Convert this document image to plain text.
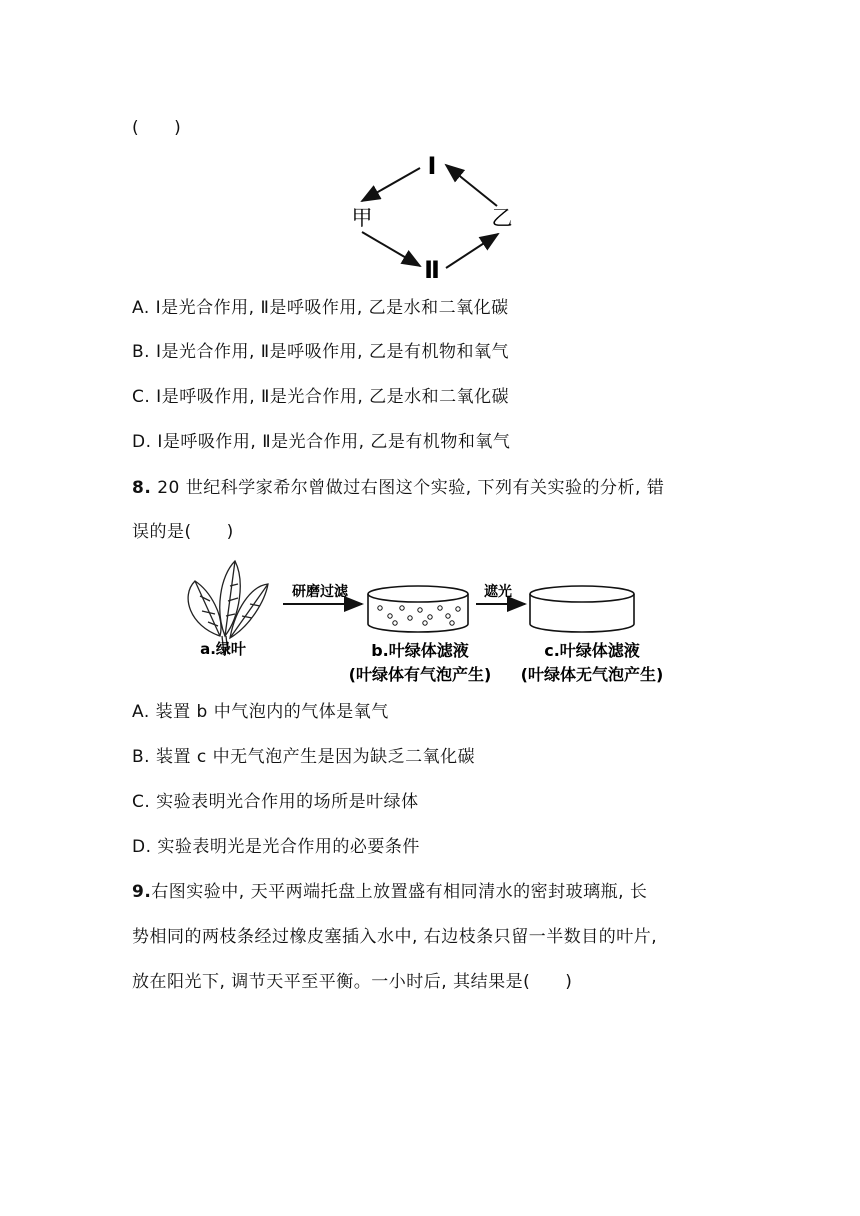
(　　)
Ⅰ
甲	乙
Ⅱ
A. Ⅰ是光合作用, Ⅱ是呼吸作用, 乙是水和二氧化碳
B. Ⅰ是光合作用, Ⅱ是呼吸作用, 乙是有机物和氧气
C. Ⅰ是呼吸作用, Ⅱ是光合作用, 乙是水和二氧化碳
D. Ⅰ是呼吸作用, Ⅱ是光合作用, 乙是有机物和氧气
8. 20 世纪科学家希尔曾做过右图这个实验, 下列有关实验的分析, 错
误的是(　　)
研磨过滤	遮光
a.绿叶	b.叶绿体滤液
(叶绿体有气泡产生)
c.叶绿体滤液
(叶绿体无气泡产生)
A. 装置 b 中气泡内的气体是氧气
B. 装置 c 中无气泡产生是因为缺乏二氧化碳
C. 实验表明光合作用的场所是叶绿体
D. 实验表明光是光合作用的必要条件
9.右图实验中, 天平两端托盘上放置盛有相同清水的密封玻璃瓶, 长
势相同的两枝条经过橡皮塞插入水中, 右边枝条只留一半数目的叶片,
放在阳光下, 调节天平至平衡。一小时后, 其结果是(　　)
